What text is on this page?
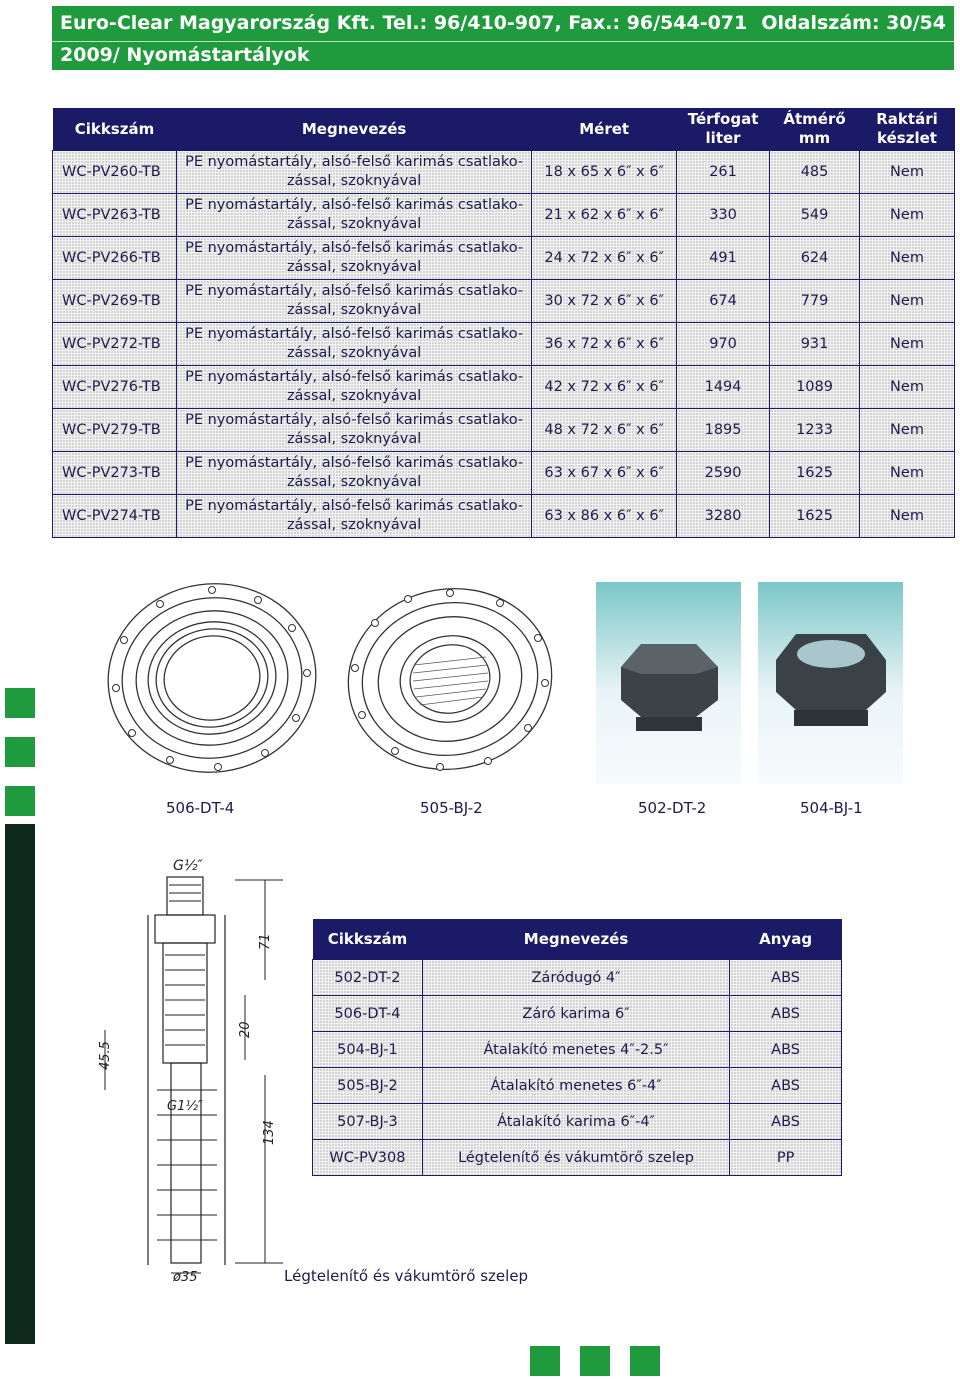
Euro-Clear Magyarország Kft. Tel.: 96/410-907, Fax.: 96/544-071 Oldalszám: 30/54
2009/ Nyomástartályok
Cikkszám	Megnevezés	Méret	Térfogat liter	Átmérő mm	Raktári készlet
WC-PV260-TB	PE nyomástartály, alsó-felső karimás csatlako-zással, szoknyával	18 x 65 x 6″ x 6″	261	485	Nem
WC-PV263-TB	PE nyomástartály, alsó-felső karimás csatlako-zással, szoknyával	21 x 62 x 6″ x 6″	330	549	Nem
WC-PV266-TB	PE nyomástartály, alsó-felső karimás csatlako-zással, szoknyával	24 x 72 x 6″ x 6″	491	624	Nem
WC-PV269-TB	PE nyomástartály, alsó-felső karimás csatlako-zással, szoknyával	30 x 72 x 6″ x 6″	674	779	Nem
WC-PV272-TB	PE nyomástartály, alsó-felső karimás csatlako-zással, szoknyával	36 x 72 x 6″ x 6″	970	931	Nem
WC-PV276-TB	PE nyomástartály, alsó-felső karimás csatlako-zással, szoknyával	42 x 72 x 6″ x 6″	1494	1089	Nem
WC-PV279-TB	PE nyomástartály, alsó-felső karimás csatlako-zással, szoknyával	48 x 72 x 6″ x 6″	1895	1233	Nem
WC-PV273-TB	PE nyomástartály, alsó-felső karimás csatlako-zással, szoknyával	63 x 67 x 6″ x 6″	2590	1625	Nem
WC-PV274-TB	PE nyomástartály, alsó-felső karimás csatlako-zással, szoknyával	63 x 86 x 6″ x 6″	3280	1625	Nem
506-DT-4	505-BJ-2	502-DT-2	504-BJ-1
G½″
71
45.5
20
G1½″
134
ø35	Légtelenítő és vákumtörő szelep
Cikkszám	Megnevezés	Anyag
502-DT-2	Záródugó 4″	ABS
506-DT-4	Záró karima 6″	ABS
504-BJ-1	Átalakító menetes 4″-2.5″	ABS
505-BJ-2	Átalakító menetes 6″-4″	ABS
507-BJ-3	Átalakító karima 6″-4″	ABS
WC-PV308	Légtelenítő és vákumtörő szelep	PP
